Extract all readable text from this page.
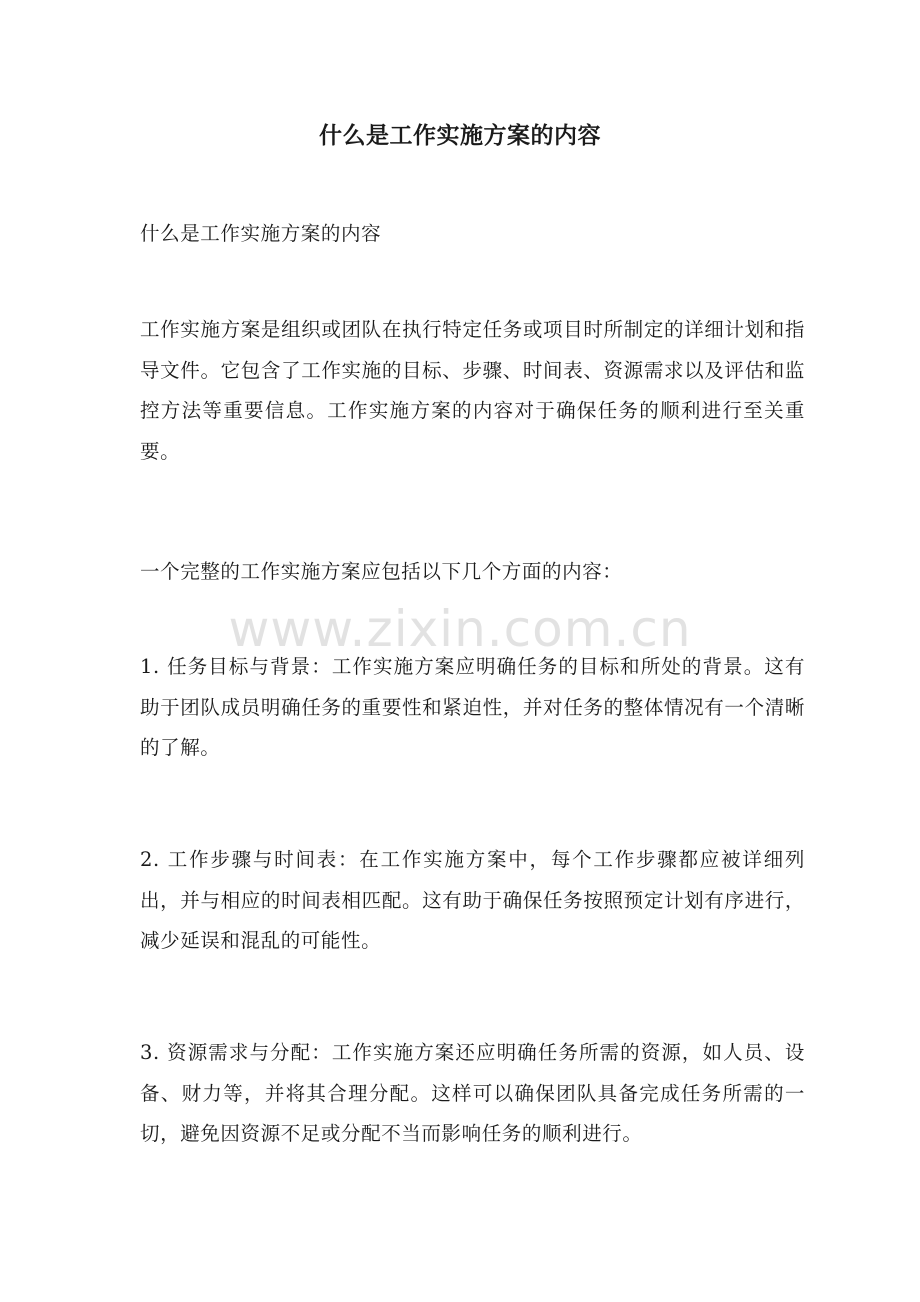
什么是工作实施方案的内容

什么是工作实施方案的内容

工作实施方案是组织或团队在执行特定任务或项目时所制定的详细计划和指导文件。它包含了工作实施的目标、步骤、时间表、资源需求以及评估和监控方法等重要信息。工作实施方案的内容对于确保任务的顺利进行至关重要。

一个完整的工作实施方案应包括以下几个方面的内容：

1. 任务目标与背景：工作实施方案应明确任务的目标和所处的背景。这有助于团队成员明确任务的重要性和紧迫性，并对任务的整体情况有一个清晰的了解。

2. 工作步骤与时间表：在工作实施方案中，每个工作步骤都应被详细列出，并与相应的时间表相匹配。这有助于确保任务按照预定计划有序进行，减少延误和混乱的可能性。

3. 资源需求与分配：工作实施方案还应明确任务所需的资源，如人员、设备、财力等，并将其合理分配。这样可以确保团队具备完成任务所需的一切，避免因资源不足或分配不当而影响任务的顺利进行。

www.zixin.com.cn
